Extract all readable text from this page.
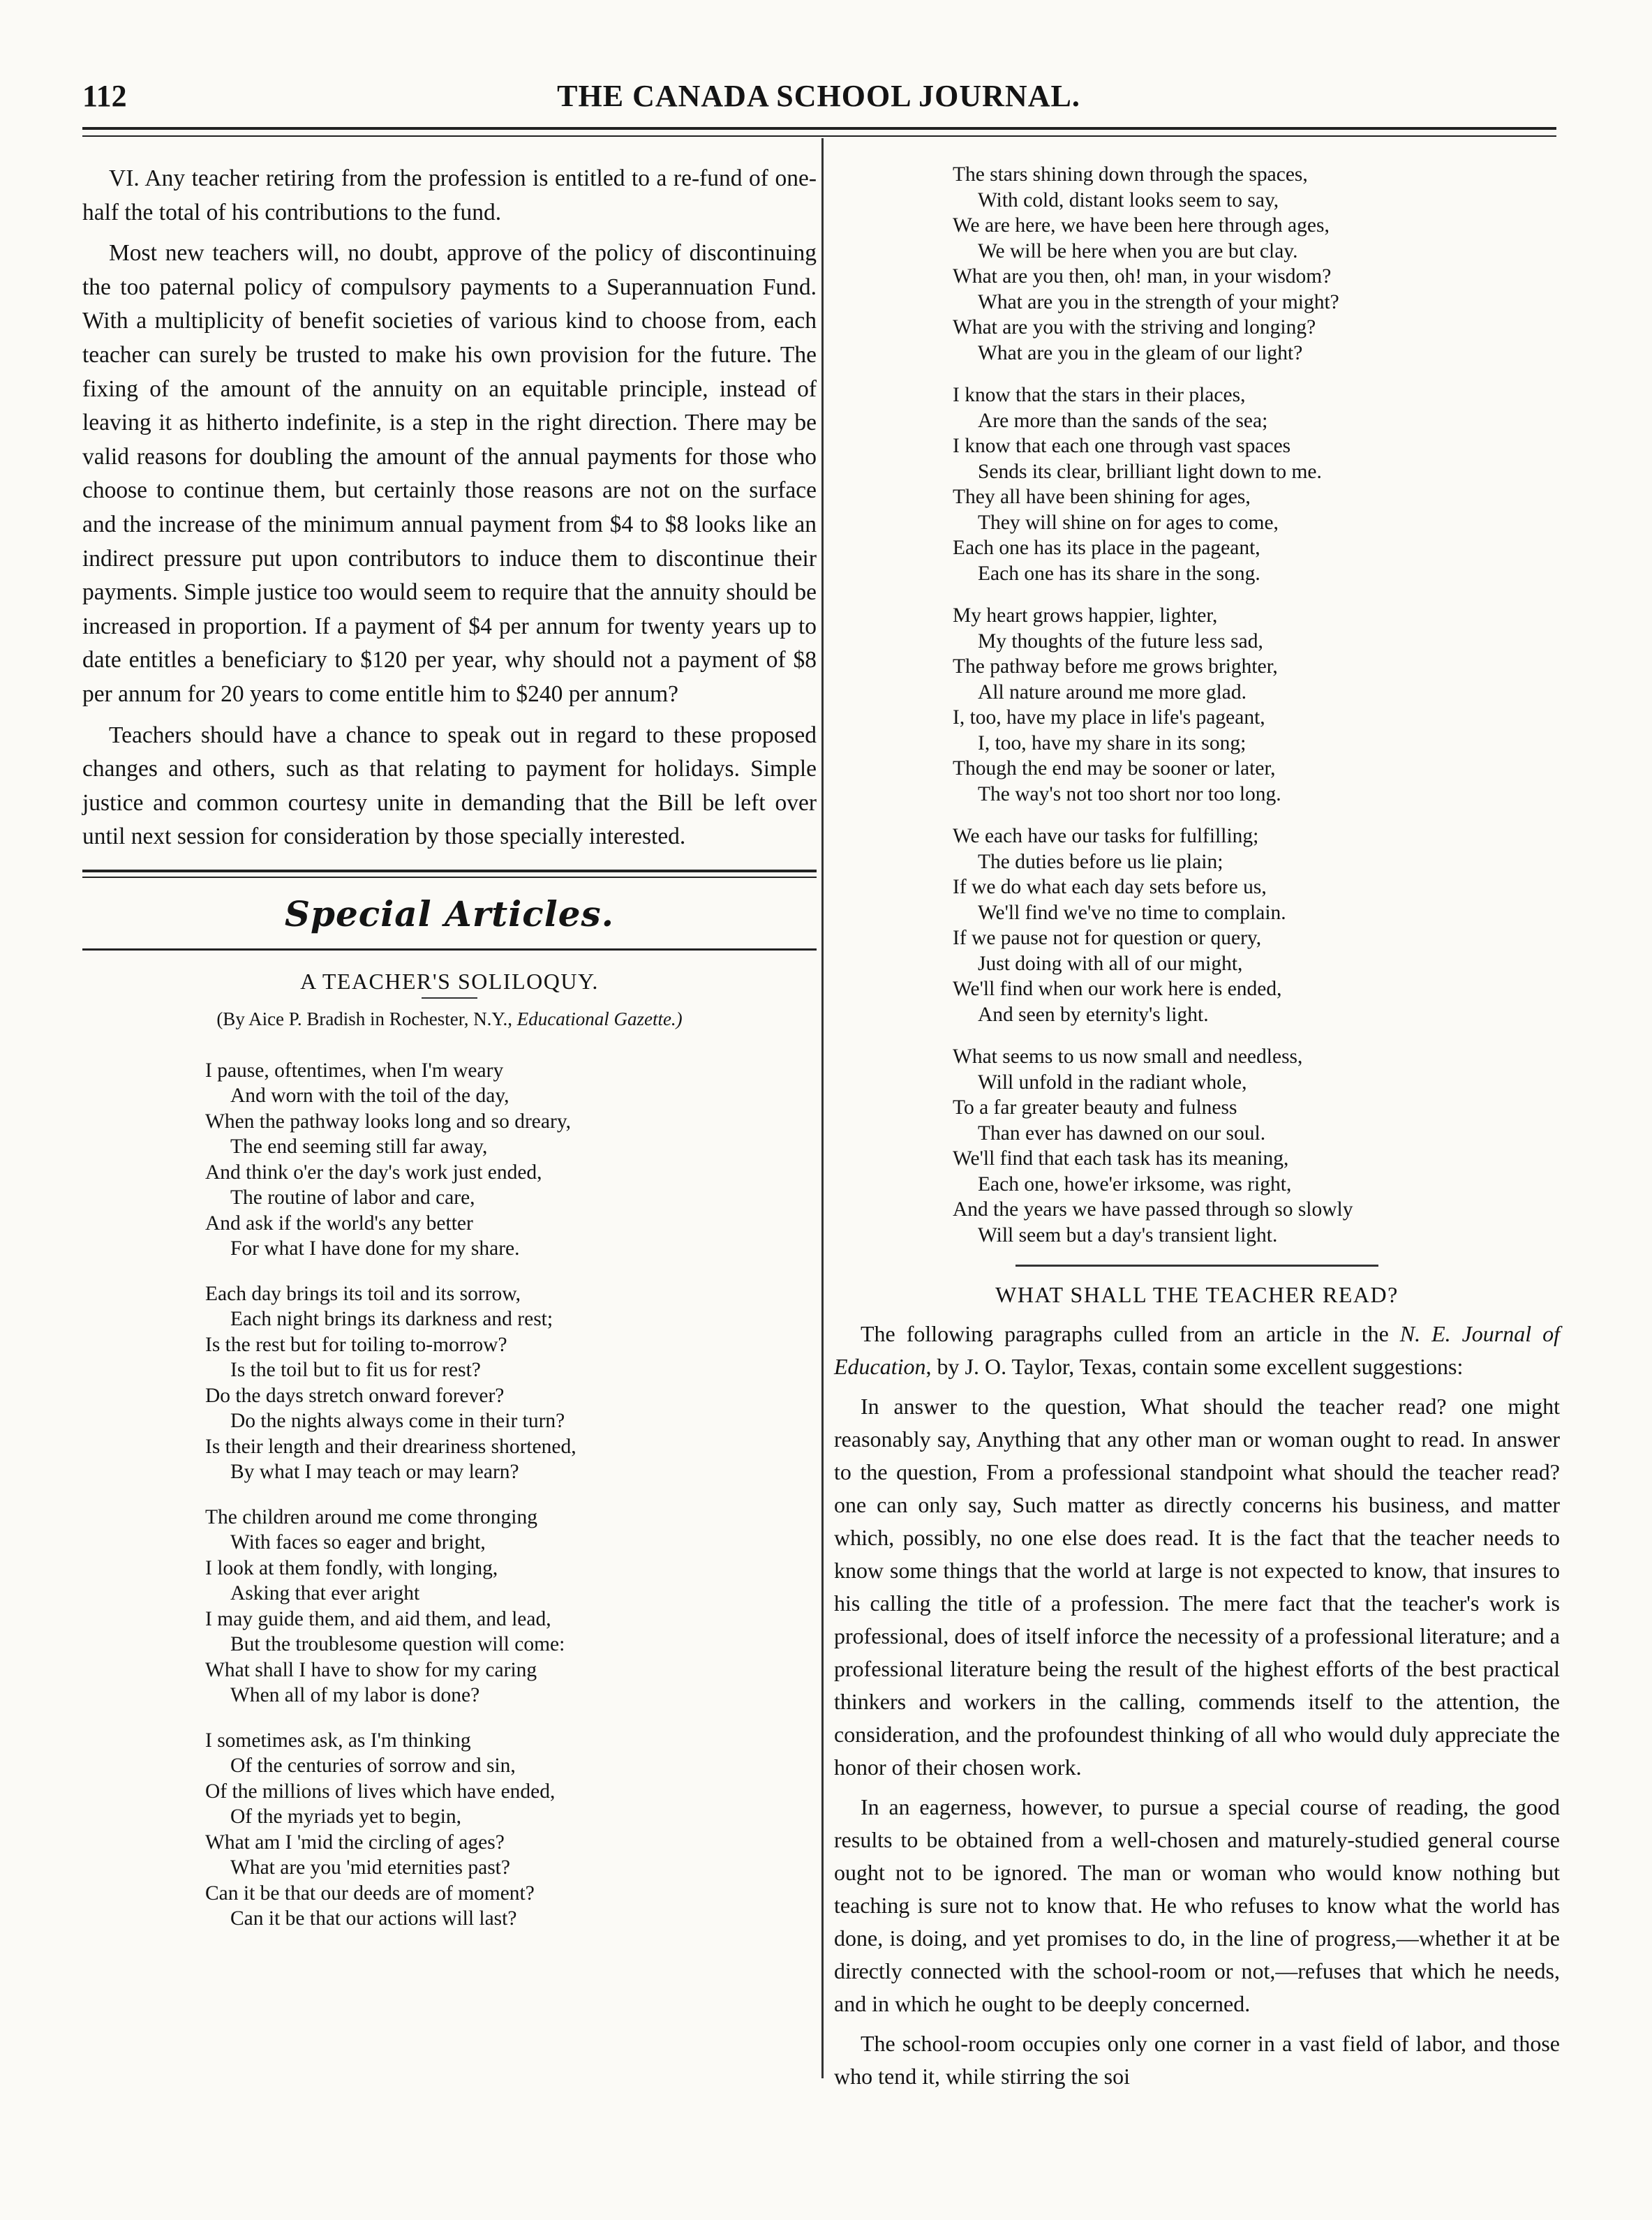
112	THE CANADA SCHOOL JOURNAL.

VI. Any teacher retiring from the profession is entitled to a re-fund of one-half the total of his contributions to the fund.

Most new teachers will, no doubt, approve of the policy of discontinuing the too paternal policy of compulsory payments to a Superannuation Fund. With a multiplicity of benefit societies of various kind to choose from, each teacher can surely be trusted to make his own provision for the future. The fixing of the amount of the annuity on an equitable principle, instead of leaving it as hitherto indefinite, is a step in the right direction. There may be valid reasons for doubling the amount of the annual payments for those who choose to continue them, but certainly those reasons are not on the surface and the increase of the minimum annual payment from $4 to $8 looks like an indirect pressure put upon contributors to induce them to discontinue their payments. Simple justice too would seem to require that the annuity should be increased in proportion. If a payment of $4 per annum for twenty years up to date entitles a beneficiary to $120 per year, why should not a payment of $8 per annum for 20 years to come entitle him to $240 per annum?

Teachers should have a chance to speak out in regard to these proposed changes and others, such as that relating to payment for holidays. Simple justice and common courtesy unite in demanding that the Bill be left over until next session for consideration by those specially interested.

Special Articles.
A TEACHER'S SOLILOQUY.
(By Aice P. Bradish in Rochester, N.Y., Educational Gazette.)
I pause, oftentimes, when I'm weary
And worn with the toil of the day,
When the pathway looks long and so dreary,
The end seeming still far away,
And think o'er the day's work just ended,
The routine of labor and care,
And ask if the world's any better
For what I have done for my share.
Each day brings its toil and its sorrow,
Each night brings its darkness and rest;
Is the rest but for toiling to-morrow?
Is the toil but to fit us for rest?
Do the days stretch onward forever?
Do the nights always come in their turn?
Is their length and their dreariness shortened,
By what I may teach or may learn?
The children around me come thronging
With faces so eager and bright,
I look at them fondly, with longing,
Asking that ever aright
I may guide them, and aid them, and lead,
But the troublesome question will come:
What shall I have to show for my caring
When all of my labor is done?
I sometimes ask, as I'm thinking
Of the centuries of sorrow and sin,
Of the millions of lives which have ended,
Of the myriads yet to begin,
What am I 'mid the circling of ages?
What are you 'mid eternities past?
Can it be that our deeds are of moment?
Can it be that our actions will last?
The stars shining down through the spaces,
With cold, distant looks seem to say,
We are here, we have been here through ages,
We will be here when you are but clay.
What are you then, oh! man, in your wisdom?
What are you in the strength of your might?
What are you with the striving and longing?
What are you in the gleam of our light?
I know that the stars in their places,
Are more than the sands of the sea;
I know that each one through vast spaces
Sends its clear, brilliant light down to me.
They all have been shining for ages,
They will shine on for ages to come,
Each one has its place in the pageant,
Each one has its share in the song.
My heart grows happier, lighter,
My thoughts of the future less sad,
The pathway before me grows brighter,
All nature around me more glad.
I, too, have my place in life's pageant,
I, too, have my share in its song;
Though the end may be sooner or later,
The way's not too short nor too long.
We each have our tasks for fulfilling;
The duties before us lie plain;
If we do what each day sets before us,
We'll find we've no time to complain.
If we pause not for question or query,
Just doing with all of our might,
We'll find when our work here is ended,
And seen by eternity's light.
What seems to us now small and needless,
Will unfold in the radiant whole,
To a far greater beauty and fulness
Than ever has dawned on our soul.
We'll find that each task has its meaning,
Each one, howe'er irksome, was right,
And the years we have passed through so slowly
Will seem but a day's transient light.
WHAT SHALL THE TEACHER READ?

The following paragraphs culled from an article in the N. E. Journal of Education, by J. O. Taylor, Texas, contain some excellent suggestions:

In answer to the question, What should the teacher read? one might reasonably say, Anything that any other man or woman ought to read. In answer to the question, From a professional standpoint what should the teacher read? one can only say, Such matter as directly concerns his business, and matter which, possibly, no one else does read. It is the fact that the teacher needs to know some things that the world at large is not expected to know, that insures to his calling the title of a profession. The mere fact that the teacher's work is professional, does of itself inforce the necessity of a professional literature; and a professional literature being the result of the highest efforts of the best practical thinkers and workers in the calling, commends itself to the attention, the consideration, and the profoundest thinking of all who would duly appreciate the honor of their chosen work.

In an eagerness, however, to pursue a special course of reading, the good results to be obtained from a well-chosen and maturely-studied general course ought not to be ignored. The man or woman who would know nothing but teaching is sure not to know that. He who refuses to know what the world has done, is doing, and yet promises to do, in the line of progress,—whether it at be directly connected with the school-room or not,—refuses that which he needs, and in which he ought to be deeply concerned.

The school-room occupies only one corner in a vast field of labor, and those who tend it, while stirring the soi
